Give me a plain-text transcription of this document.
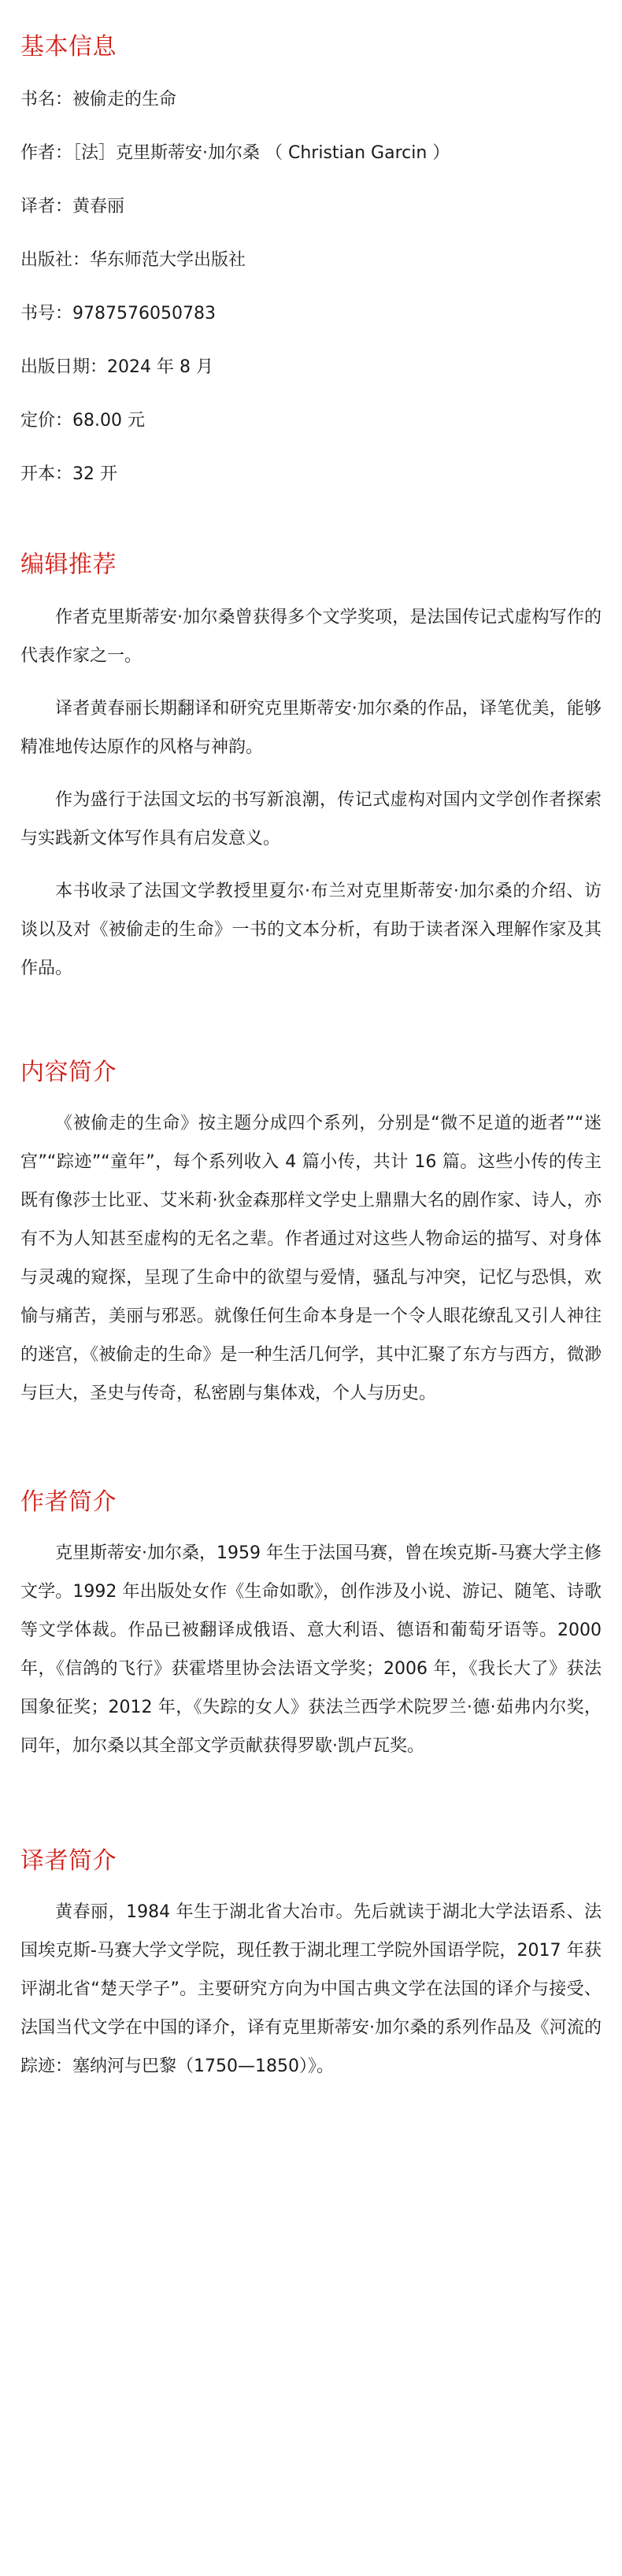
基本信息

书名：被偷走的生命

作者：［法］克里斯蒂安·加尔桑 （ Christian Garcin ）

译者：黄春丽

出版社：华东师范大学出版社

书号：9787576050783

出版日期：2024 年 8 月

定价：68.00 元

开本：32 开

编辑推荐

作者克里斯蒂安·加尔桑曾获得多个文学奖项，是法国传记式虚构写作的代表作家之一。

译者黄春丽长期翻译和研究克里斯蒂安·加尔桑的作品，译笔优美，能够精准地传达原作的风格与神韵。

作为盛行于法国文坛的书写新浪潮，传记式虚构对国内文学创作者探索与实践新文体写作具有启发意义。

本书收录了法国文学教授里夏尔·布兰对克里斯蒂安·加尔桑的介绍、访谈以及对《被偷走的生命》一书的文本分析，有助于读者深入理解作家及其作品。

内容简介

《被偷走的生命》按主题分成四个系列，分别是“微不足道的逝者”“迷宫”“踪迹”“童年”，每个系列收入 4 篇小传，共计 16 篇。这些小传的传主既有像莎士比亚、艾米莉·狄金森那样文学史上鼎鼎大名的剧作家、诗人，亦有不为人知甚至虚构的无名之辈。作者通过对这些人物命运的描写、对身体与灵魂的窥探，呈现了生命中的欲望与爱情，骚乱与冲突，记忆与恐惧，欢愉与痛苦，美丽与邪恶。就像任何生命本身是一个令人眼花缭乱又引人神往的迷宫，《被偷走的生命》是一种生活几何学，其中汇聚了东方与西方，微渺与巨大，圣史与传奇，私密剧与集体戏，个人与历史。

作者简介

克里斯蒂安·加尔桑，1959 年生于法国马赛，曾在埃克斯-马赛大学主修文学。1992 年出版处女作《生命如歌》，创作涉及小说、游记、随笔、诗歌等文学体裁。作品已被翻译成俄语、意大利语、德语和葡萄牙语等。2000 年，《信鸽的飞行》获霍塔里协会法语文学奖；2006 年，《我长大了》获法国象征奖；2012 年，《失踪的女人》获法兰西学术院罗兰·德·茹弗内尔奖，同年，加尔桑以其全部文学贡献获得罗歇·凯卢瓦奖。

译者简介

黄春丽，1984 年生于湖北省大冶市。先后就读于湖北大学法语系、法国埃克斯-马赛大学文学院，现任教于湖北理工学院外国语学院，2017 年获评湖北省“楚天学子”。主要研究方向为中国古典文学在法国的译介与接受、法国当代文学在中国的译介，译有克里斯蒂安·加尔桑的系列作品及《河流的踪迹：塞纳河与巴黎（1750—1850）》。
